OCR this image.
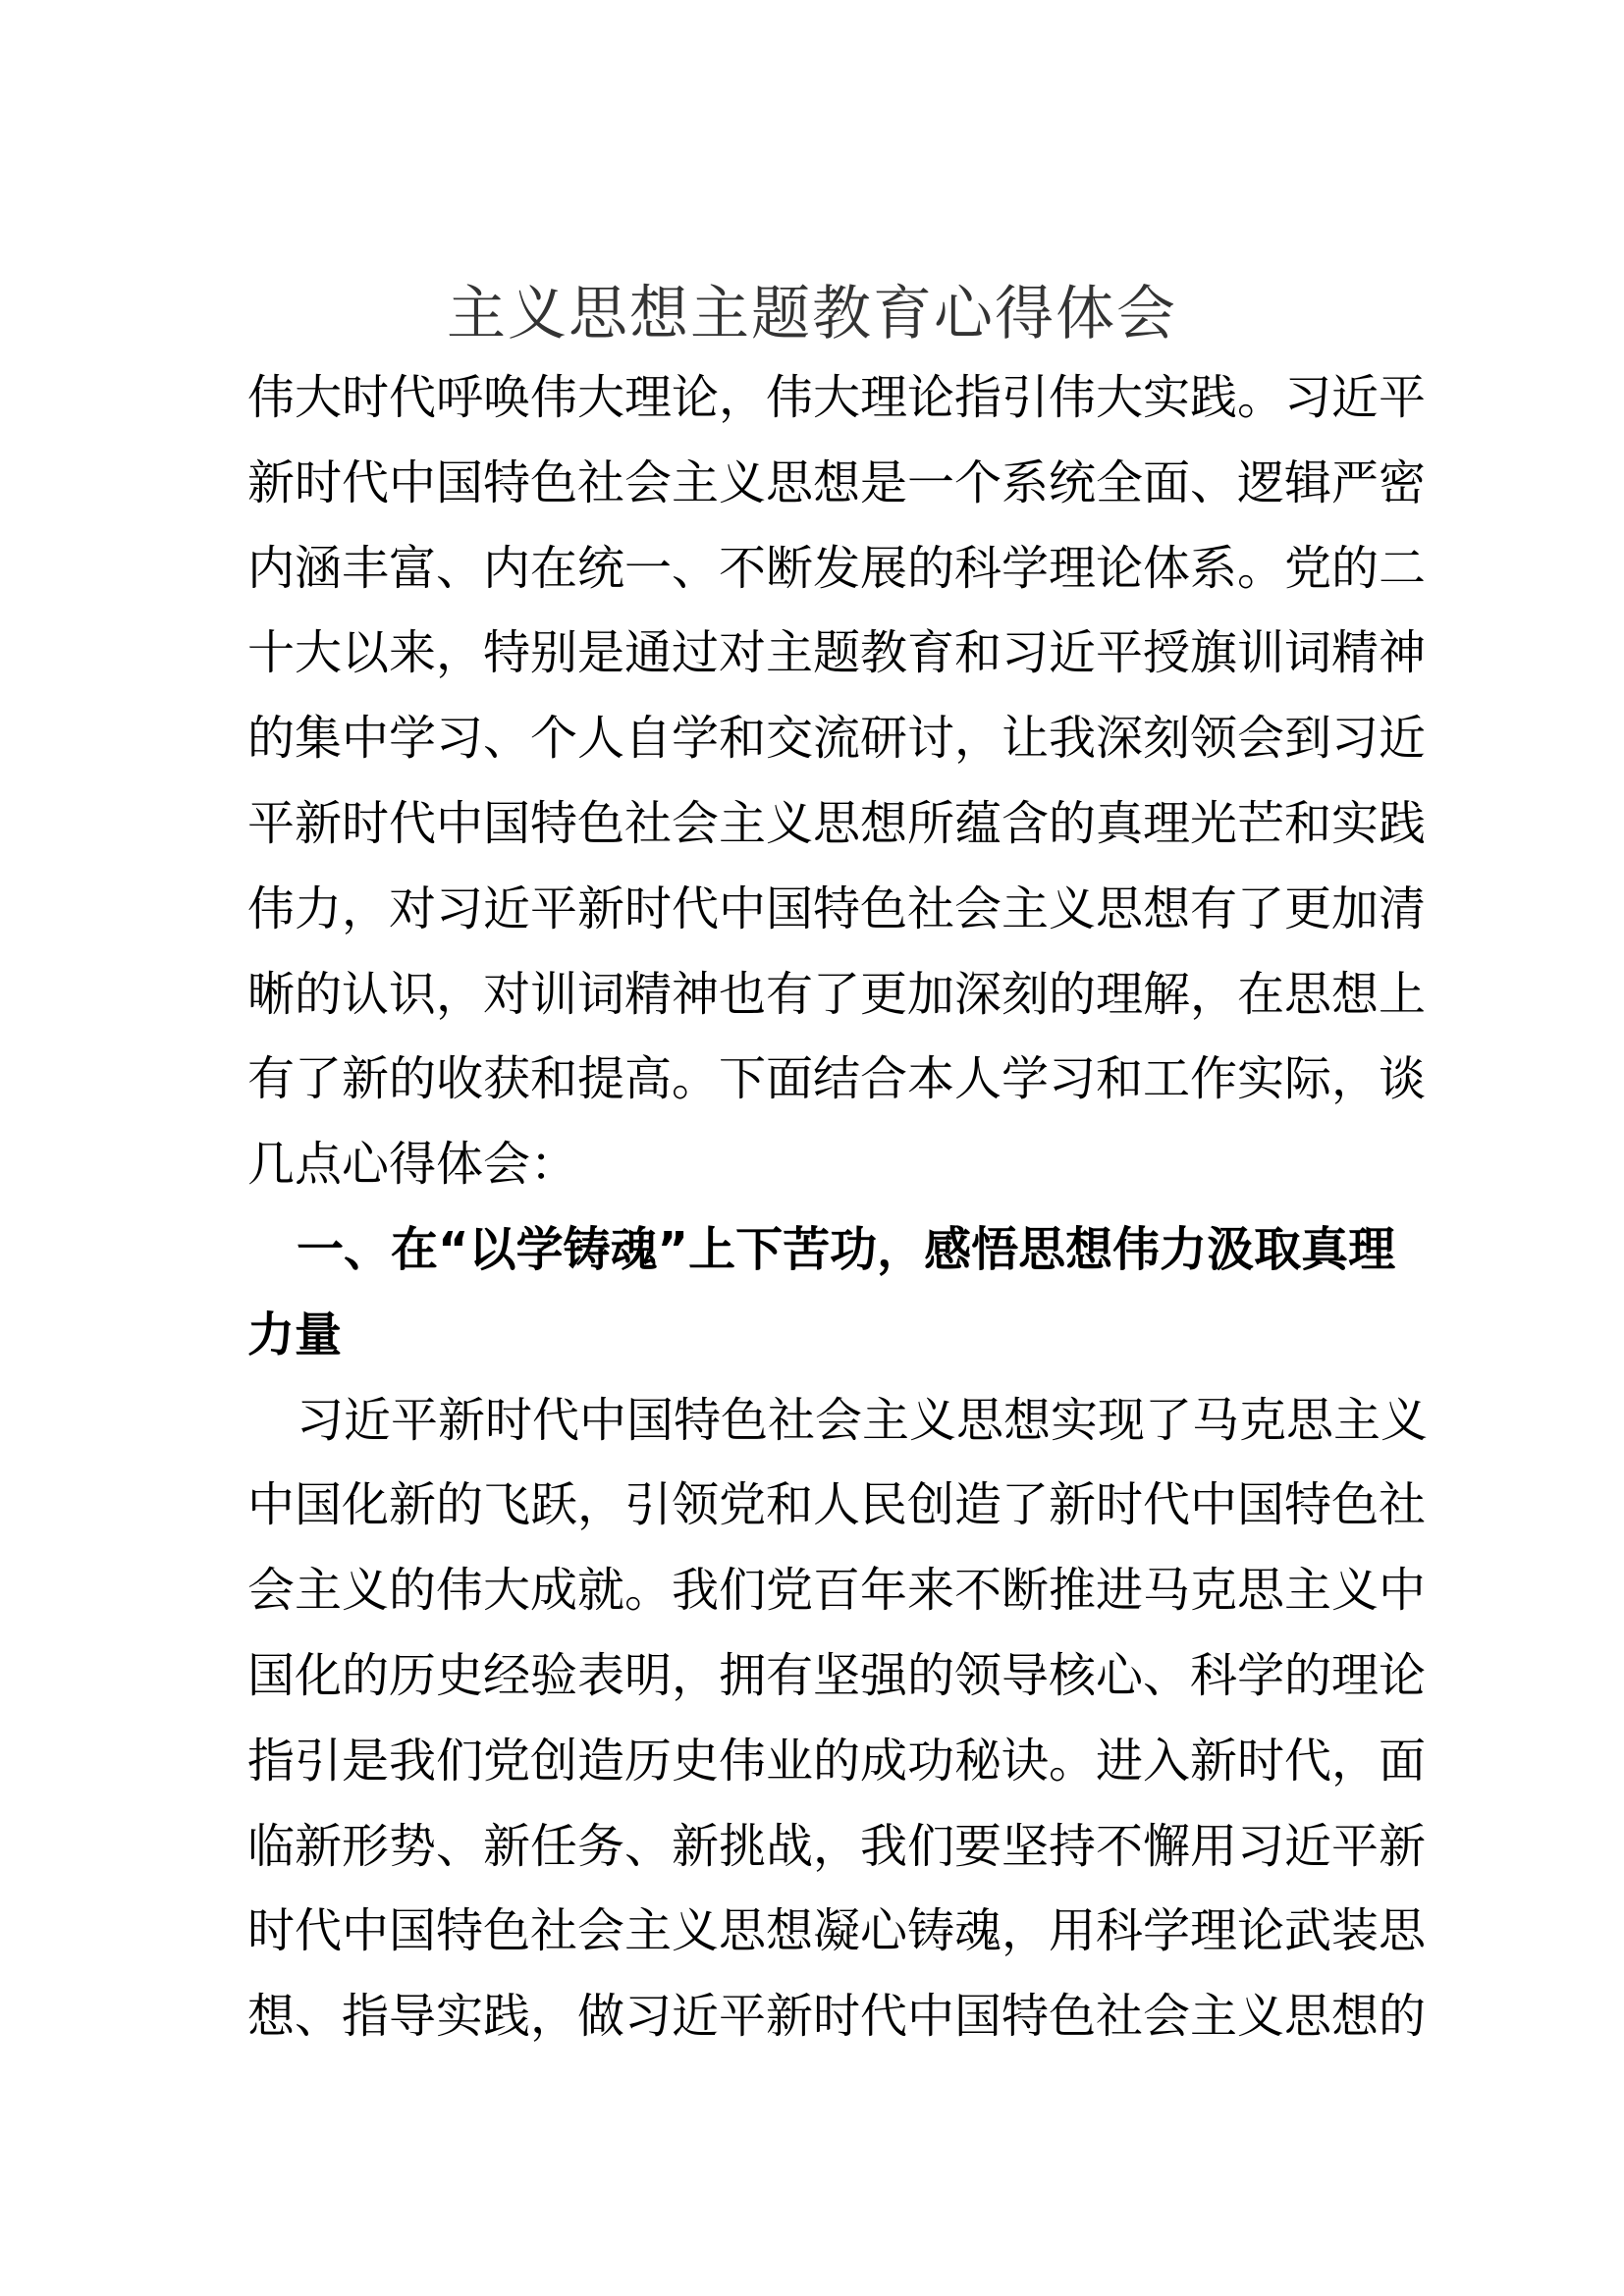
主义思想主题教育心得体会
伟大时代呼唤伟大理论，伟大理论指引伟大实践。习近平
新时代中国特色社会主义思想是一个系统全面、逻辑严密
内涵丰富、内在统一、不断发展的科学理论体系。党的二
十大以来，特别是通过对主题教育和习近平授旗训词精神
的集中学习、个人自学和交流研讨，让我深刻领会到习近
平新时代中国特色社会主义思想所蕴含的真理光芒和实践
伟力，对习近平新时代中国特色社会主义思想有了更加清
晰的认识，对训词精神也有了更加深刻的理解，在思想上
有了新的收获和提高。下面结合本人学习和工作实际，谈
几点心得体会：
一、在“以学铸魂”上下苦功，感悟思想伟力汲取真理
力量
习近平新时代中国特色社会主义思想实现了马克思主义
中国化新的飞跃，引领党和人民创造了新时代中国特色社
会主义的伟大成就。我们党百年来不断推进马克思主义中
国化的历史经验表明，拥有坚强的领导核心、科学的理论
指引是我们党创造历史伟业的成功秘诀。进入新时代，面
临新形势、新任务、新挑战，我们要坚持不懈用习近平新
时代中国特色社会主义思想凝心铸魂，用科学理论武装思
想、指导实践，做习近平新时代中国特色社会主义思想的
